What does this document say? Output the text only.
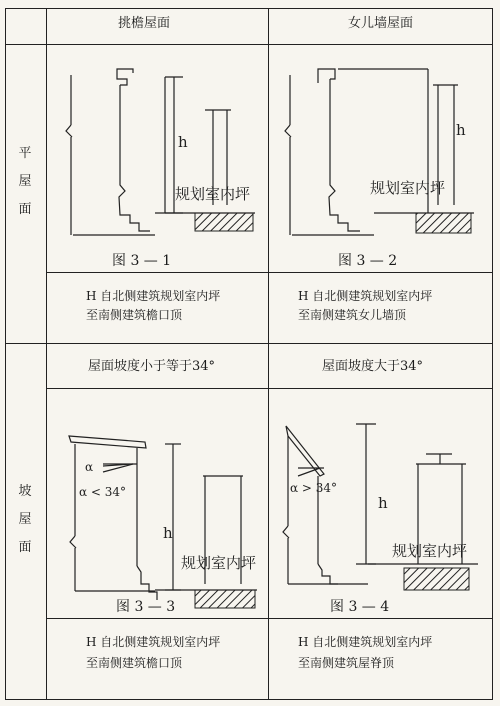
挑檐屋面	女儿墙屋面
平
屋
面
坡
屋
面
屋面坡度小于等于34°	屋面坡度大于34°
h
规划室内坪
图 3 — 1
h
规划室内坪
图 3 — 2
H 自北侧建筑规划室内坪
至南侧建筑檐口顶
H 自北侧建筑规划室内坪
至南侧建筑女儿墙顶
α
α < 34°
h
规划室内坪
图 3 — 3
α > 34°
h
规划室内坪
图 3 — 4
H 自北侧建筑规划室内坪
至南侧建筑檐口顶
H 自北侧建筑规划室内坪
至南侧建筑屋脊顶
